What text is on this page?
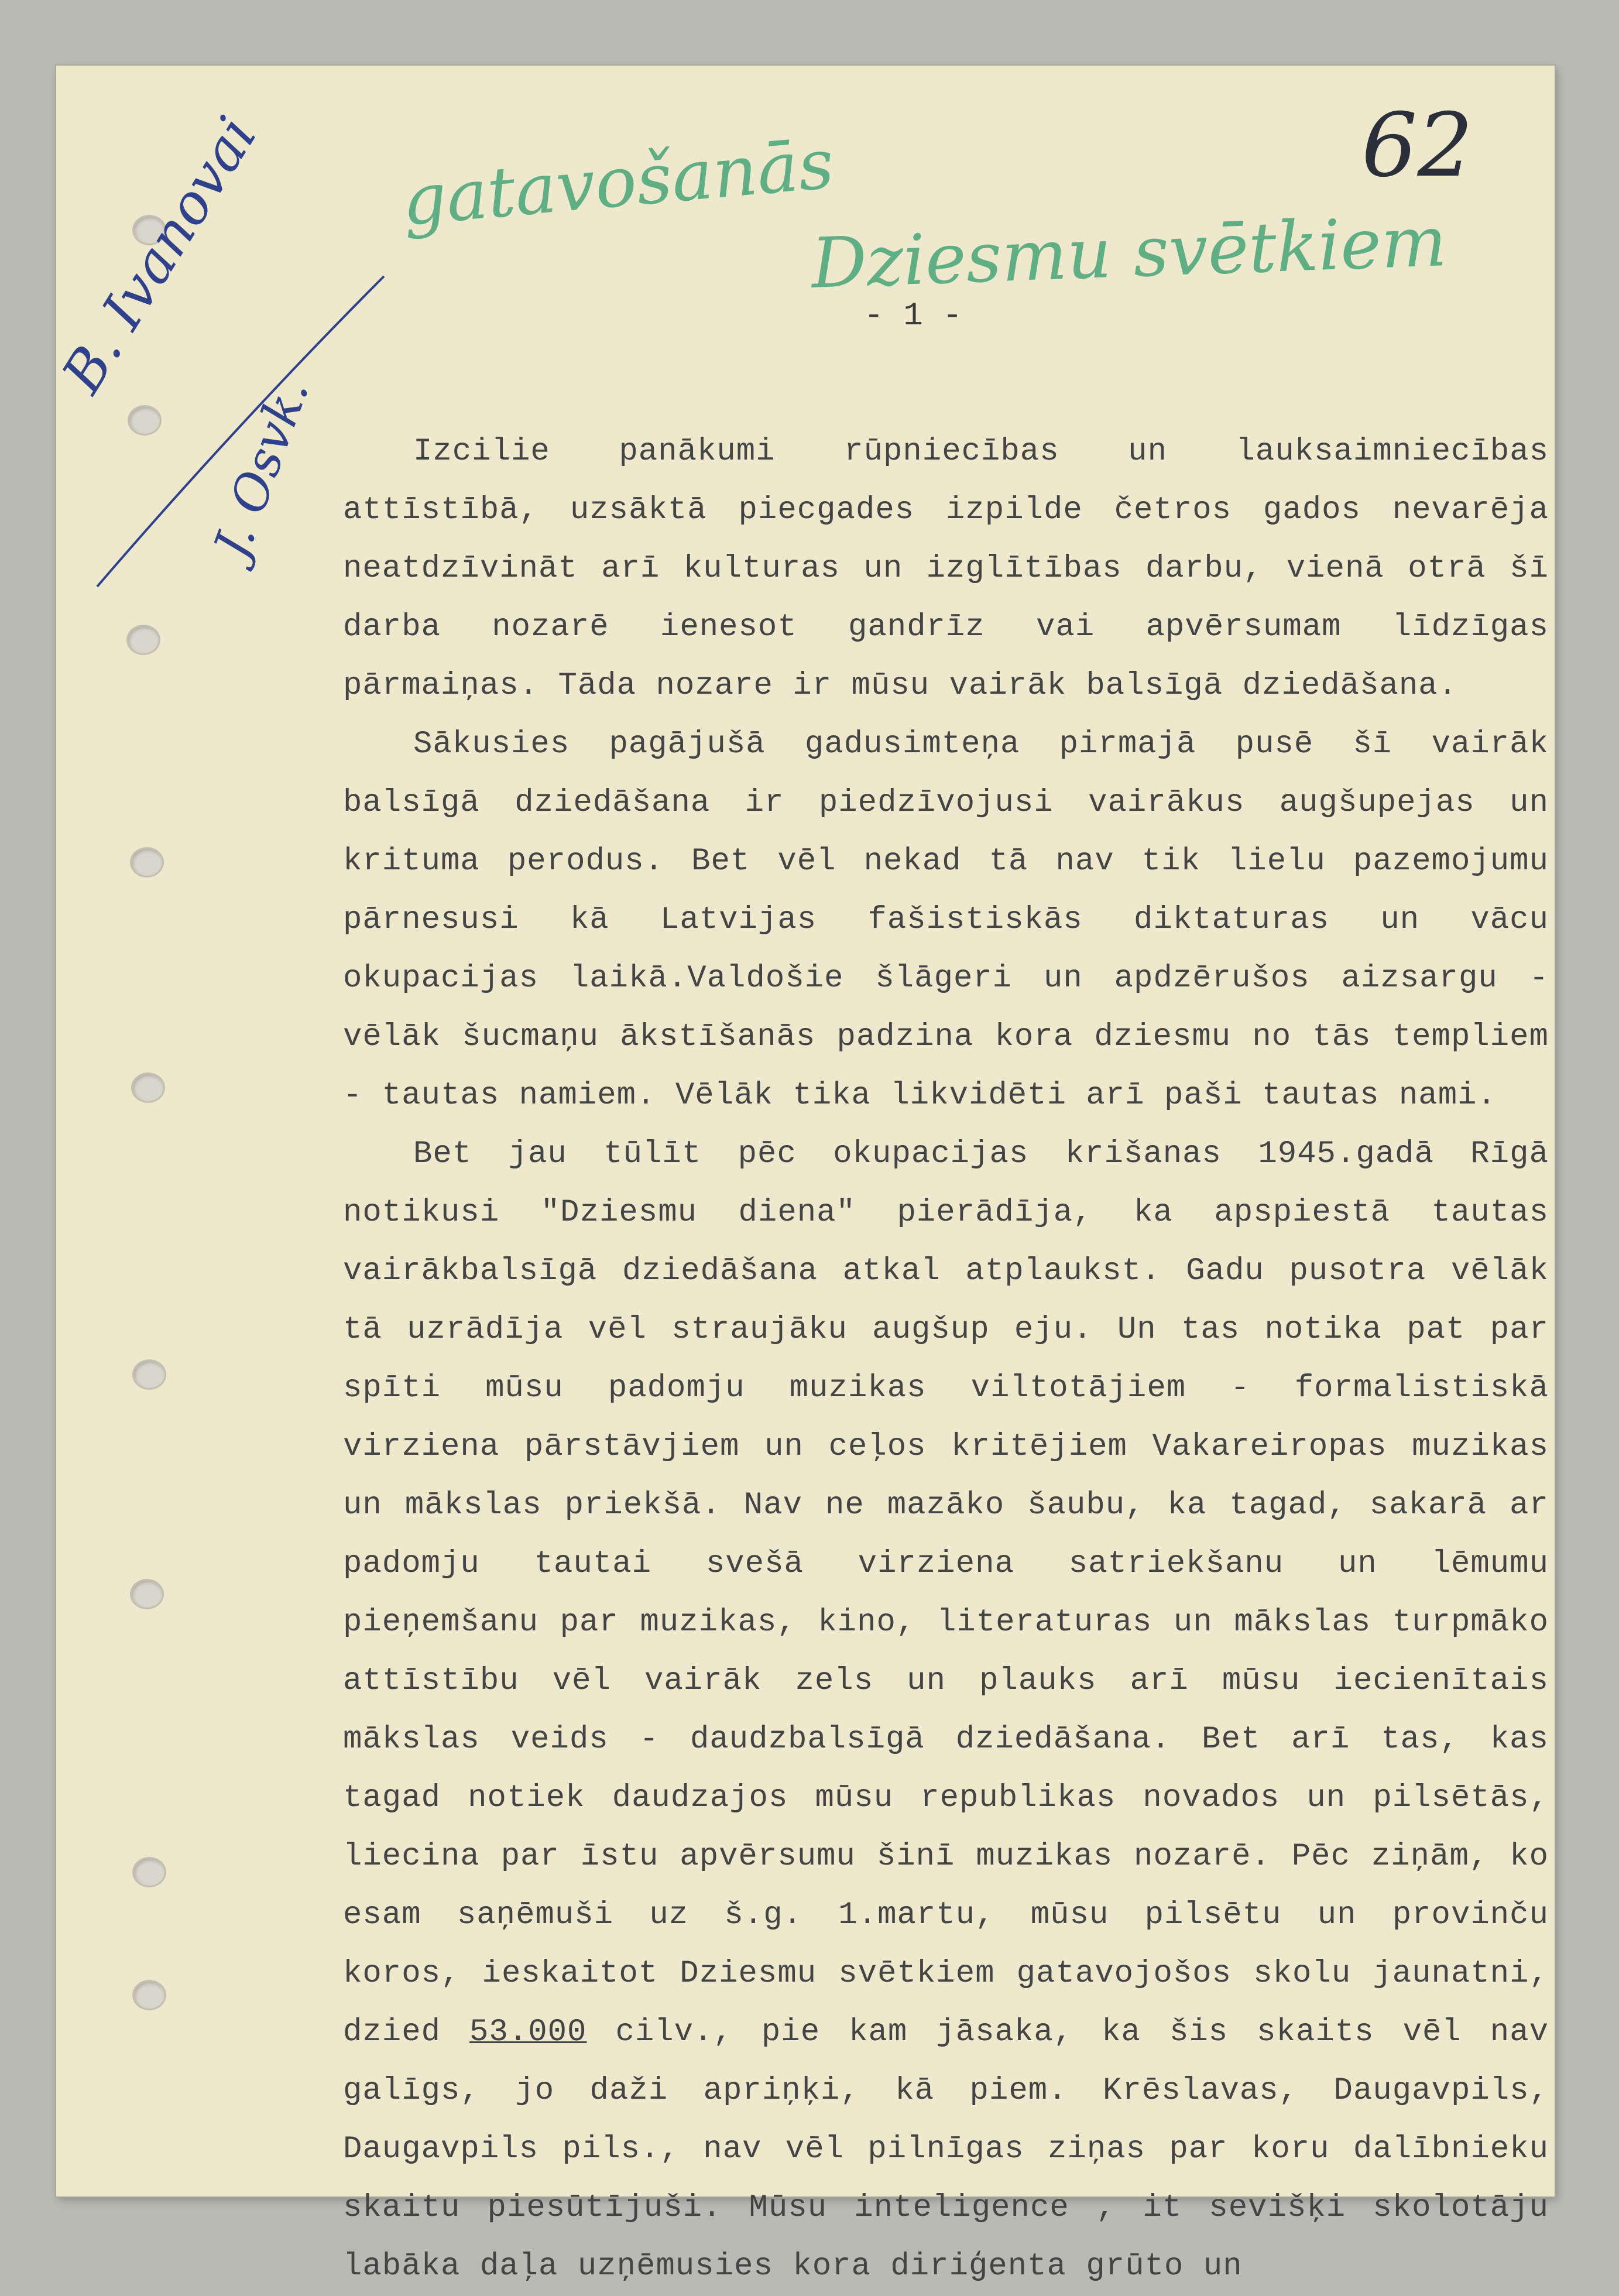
62
gatavošanās
Dziesmu svētkiem
B. Ivanovai
J. Osvk.
- 1 -

Izcilie panākumi rūpniecības un lauksaimniecības attīstībā, uzsāktā piecgades izpilde četros gados nevarēja neatdzīvināt arī kulturas un izglītības darbu, vienā otrā šī darba nozarē ienesot gandrīz vai apvērsumam līdzīgas pārmaiņas. Tāda nozare ir mūsu vairāk balsīgā dziedāšana.

Sākusies pagājušā gadusimteņa pirmajā pusē šī vairāk balsīgā dziedāšana ir piedzīvojusi vairākus augšupejas un krituma perodus. Bet vēl nekad tā nav tik lielu pazemojumu pārnesusi kā Latvijas fašistiskās diktaturas un vācu okupacijas laikā.Valdošie šlāgeri un apdzērušos aizsargu - vēlāk šucmaņu ākstīšanās padzina kora dziesmu no tās templiem - tautas namiem. Vēlāk tika likvidēti arī paši tautas nami.

Bet jau tūlīt pēc okupacijas krišanas 1945.gadā Rīgā notikusi "Dziesmu diena" pierādīja, ka apspiestā tautas vairākbalsīgā dziedāšana atkal atplaukst. Gadu pusotra vēlāk tā uzrādīja vēl straujāku augšup eju. Un tas notika pat par spīti mūsu padomju muzikas viltotājiem - formalistiskā virziena pārstāvjiem un ceļos kritējiem Vakareiropas muzikas un mākslas priekšā. Nav ne mazāko šaubu, ka tagad, sakarā ar padomju tautai svešā virziena satriekšanu un lēmumu pieņemšanu par muzikas, kino, literaturas un mākslas turpmāko attīstību vēl vairāk zels un plauks arī mūsu iecienītais mākslas veids - daudzbalsīgā dziedāšana. Bet arī tas, kas tagad notiek daudzajos mūsu republikas novados un pilsētās, liecina par īstu apvērsumu šinī muzikas nozarē. Pēc ziņām, ko esam saņēmuši uz š.g. 1.martu, mūsu pilsētu un provinču koros, ieskaitot Dziesmu svētkiem gatavojošos skolu jaunatni, dzied 53.000 cilv., pie kam jāsaka, ka šis skaits vēl nav galīgs, jo daži apriņķi, kā piem. Krēslavas, Daugavpils, Daugavpils pils., nav vēl pilnīgas ziņas par koru dalībnieku skaitu piesūtījuši. Mūsu inteligence , it sevišķi skolotāju labāka daļa uzņēmusies kora diriģenta grūto un
